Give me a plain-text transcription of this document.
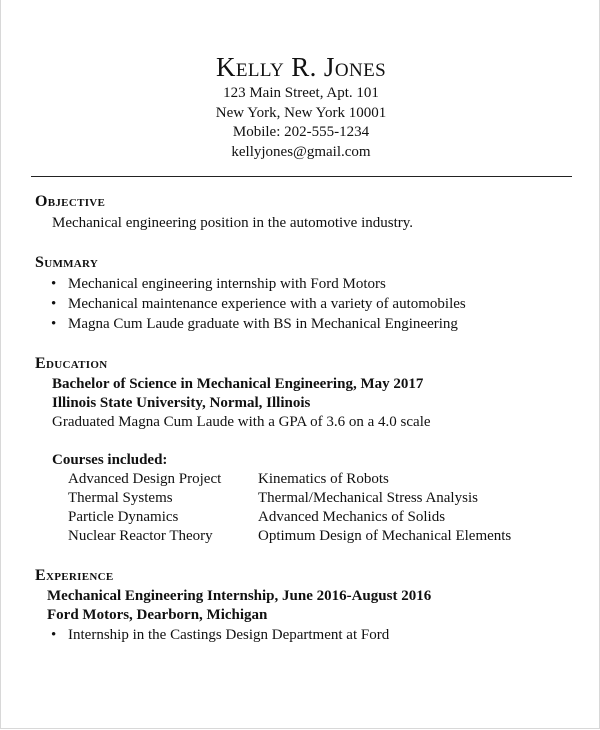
Kelly R. Jones
123 Main Street, Apt. 101
New York, New York 10001
Mobile: 202-555-1234
kellyjones@gmail.com
Objective
Mechanical engineering position in the automotive industry.
Summary
• Mechanical engineering internship with Ford Motors
• Mechanical maintenance experience with a variety of automobiles
• Magna Cum Laude graduate with BS in Mechanical Engineering
Education
Bachelor of Science in Mechanical Engineering, May 2017
Illinois State University, Normal, Illinois
Graduated Magna Cum Laude with a GPA of 3.6 on a 4.0 scale
Courses included:
Advanced Design Project	Kinematics of Robots
Thermal Systems	Thermal/Mechanical Stress Analysis
Particle Dynamics	Advanced Mechanics of Solids
Nuclear Reactor Theory	Optimum Design of Mechanical Elements
Experience
Mechanical Engineering Internship, June 2016-August 2016
Ford Motors, Dearborn, Michigan
• Internship in the Castings Design Department at Ford
